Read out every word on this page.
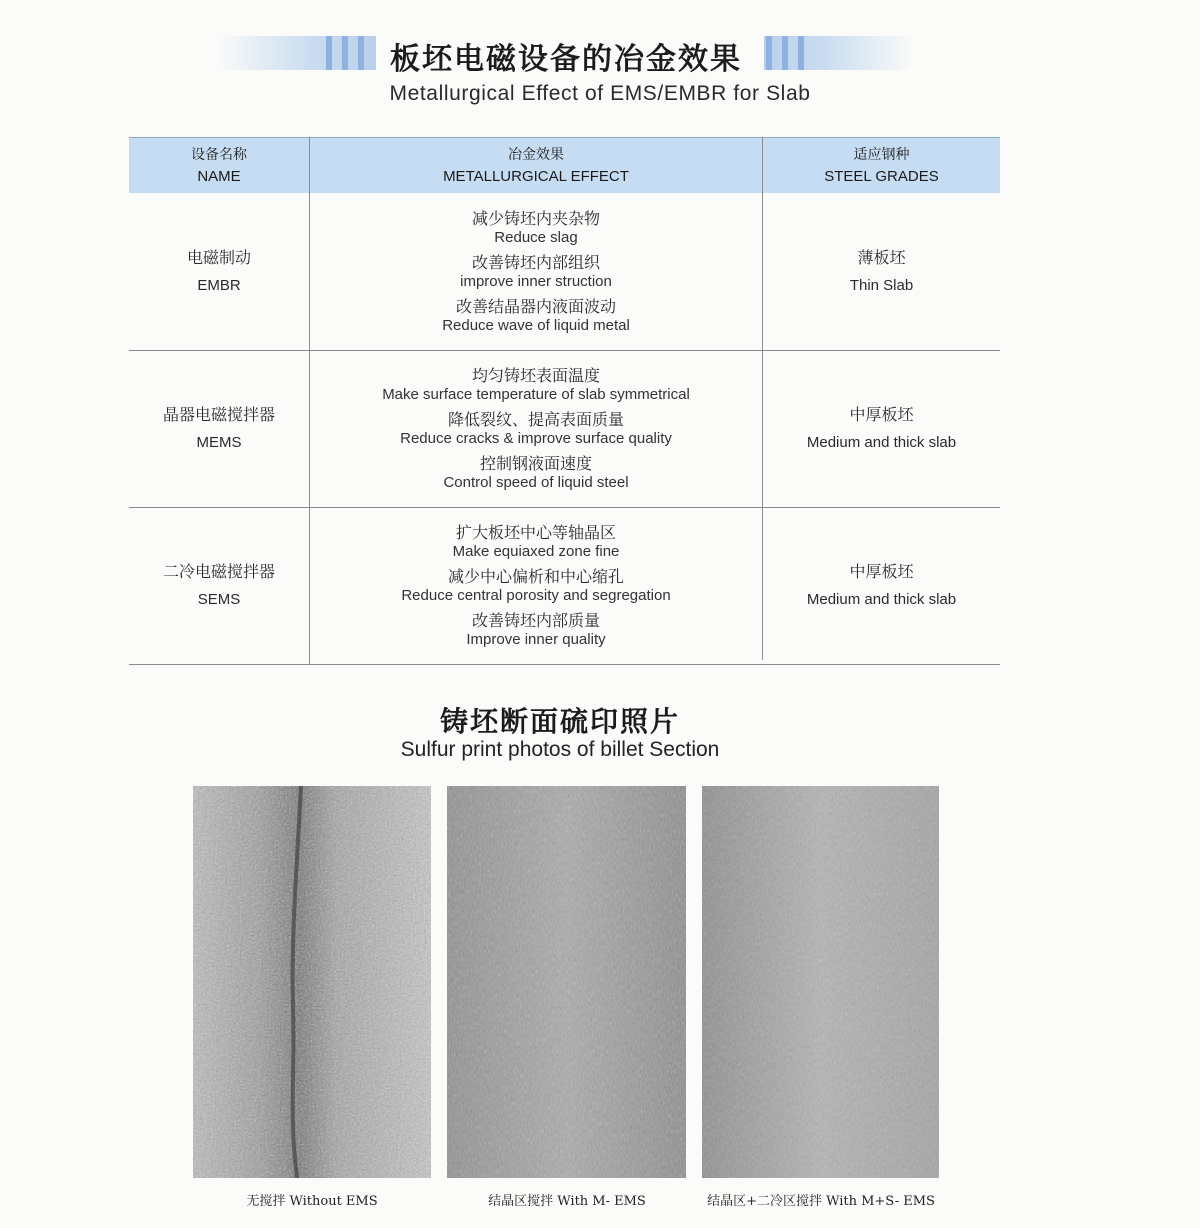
板坯电磁设备的冶金效果
Metallurgical Effect of EMS/EMBR for Slab
设备名称
NAME
冶金效果
METALLURGICAL EFFECT
适应钢种
STEEL GRADES
电磁制动
EMBR
减少铸坯内夹杂物
Reduce slag
改善铸坯内部组织
improve inner struction
改善结晶器内液面波动
Reduce wave of liquid metal
薄板坯
Thin Slab
晶器电磁搅拌器
MEMS
均匀铸坯表面温度
Make surface temperature of slab symmetrical
降低裂纹、提高表面质量
Reduce cracks & improve surface quality
控制钢液面速度
Control speed of liquid steel
中厚板坯
Medium and thick slab
二冷电磁搅拌器
SEMS
扩大板坯中心等轴晶区
Make equiaxed zone fine
减少中心偏析和中心缩孔
Reduce central porosity and segregation
改善铸坯内部质量
Improve inner quality
中厚板坯
Medium and thick slab
铸坯断面硫印照片
Sulfur print photos of billet Section
无搅拌 Without EMS	结晶区搅拌 With M- EMS	结晶区+二冷区搅拌 With M+S- EMS
